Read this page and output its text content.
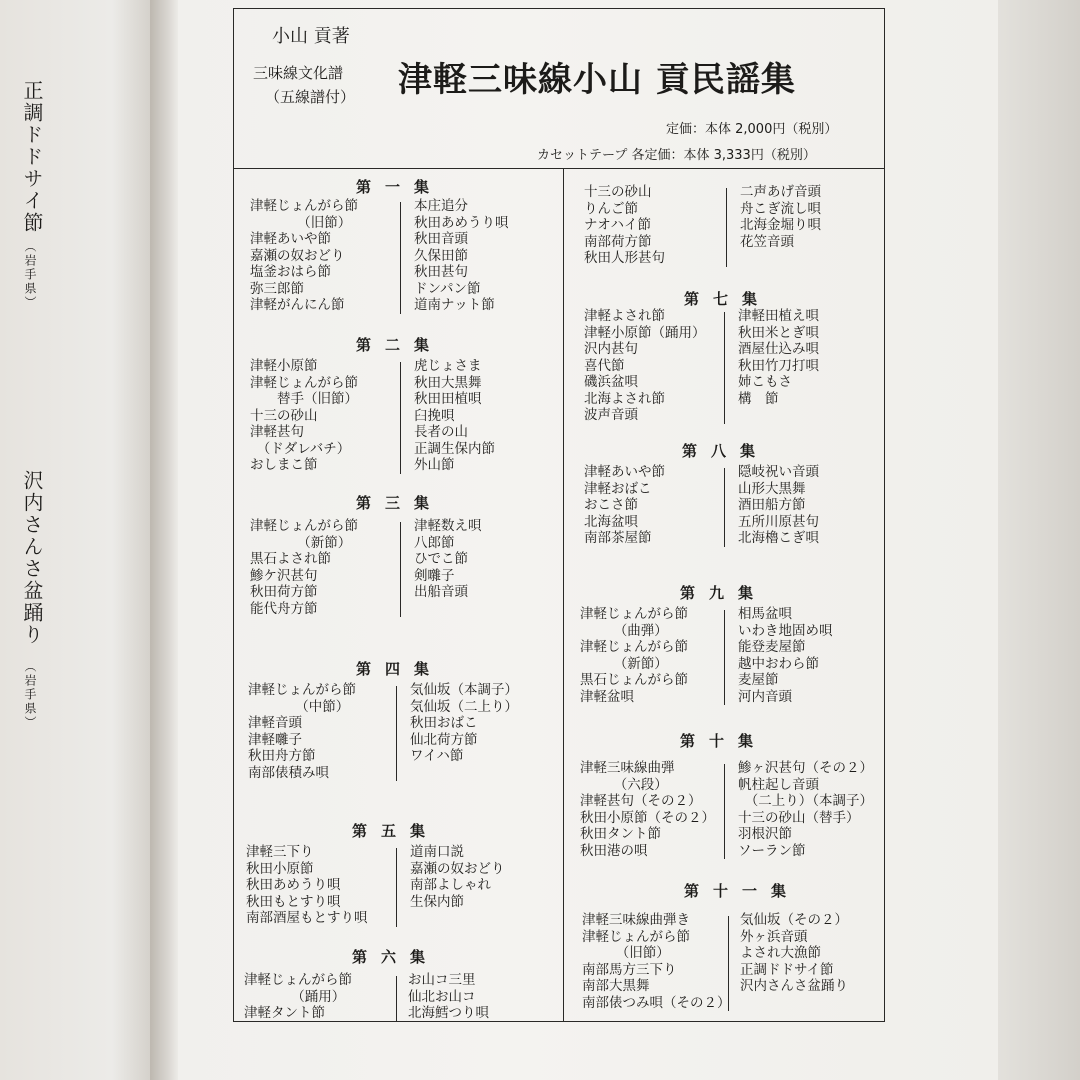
正調ドドサイ節
（岩手県）
沢内さんさ盆踊り
（岩手県）
小山 貢著
三味線文化譜
（五線譜付） 津軽三味線小山 貢民謡集
定価：本体 2,000円（税別）
カセットテープ 各定価：本体 3,333円（税別）
第一集
津軽じょんがら節
　　　　（旧節）
津軽あいや節
嘉瀬の奴おどり
塩釜おはら節
弥三郎節
津軽がんにん節
本庄追分
秋田あめうり唄
秋田音頭
久保田節
秋田甚句
ドンパン節
道南ナット節
第二集
津軽小原節
津軽じょんがら節
　　替手（旧節）
十三の砂山
津軽甚句
　（ドダレバチ）
おしまこ節
虎じょさま
秋田大黒舞
秋田田植唄
臼挽唄
長者の山
正調生保内節
外山節
第三集
津軽じょんがら節
　　　　（新節）
黒石よされ節
鯵ケ沢甚句
秋田荷方節
能代舟方節
津軽数え唄
八郎節
ひでこ節
剣囃子
出船音頭
第四集
津軽じょんがら節
　　　　（中節）
津軽音頭
津軽囃子
秋田舟方節
南部俵積み唄
気仙坂（本調子）
気仙坂（二上り）
秋田おばこ
仙北荷方節
ワイハ節
第五集
津軽三下り
秋田小原節
秋田あめうり唄
秋田もとすり唄
南部酒屋もとすり唄
道南口説
嘉瀬の奴おどり
南部よしゃれ
生保内節
第六集
津軽じょんがら節
　　　　（踊用）
津軽タント節
お山コ三里
仙北お山コ
北海鱈つり唄
十三の砂山
りんご節
ナオハイ節
南部荷方節
秋田人形甚句
二声あげ音頭
舟こぎ流し唄
北海金堀り唄
花笠音頭
第七集
津軽よされ節
津軽小原節（踊用）
沢内甚句
喜代節
磯浜盆唄
北海よされ節
波声音頭
津軽田植え唄
秋田米とぎ唄
酒屋仕込み唄
秋田竹刀打唄
姉こもさ
構　節
第八集
津軽あいや節
津軽おばこ
おこさ節
北海盆唄
南部茶屋節
隠岐祝い音頭
山形大黒舞
酒田船方節
五所川原甚句
北海櫓こぎ唄
第九集
津軽じょんがら節
　　　（曲弾）
津軽じょんがら節
　　　（新節）
黒石じょんがら節
津軽盆唄
相馬盆唄
いわき地固め唄
能登麦屋節
越中おわら節
麦屋節
河内音頭
第十集
津軽三味線曲弾
　　　（六段）
津軽甚句（その２）
秋田小原節（その２）
秋田タント節
秋田港の唄
鯵ヶ沢甚句（その２）
帆柱起し音頭
　（二上り）（本調子）
十三の砂山（替手）
羽根沢節
ソーラン節
第十一集
津軽三味線曲弾き
津軽じょんがら節
　　　（旧節）
南部馬方三下り
南部大黒舞
南部俵つみ唄（その２）
気仙坂（その２）
外ヶ浜音頭
よされ大漁節
正調ドドサイ節
沢内さんさ盆踊り
